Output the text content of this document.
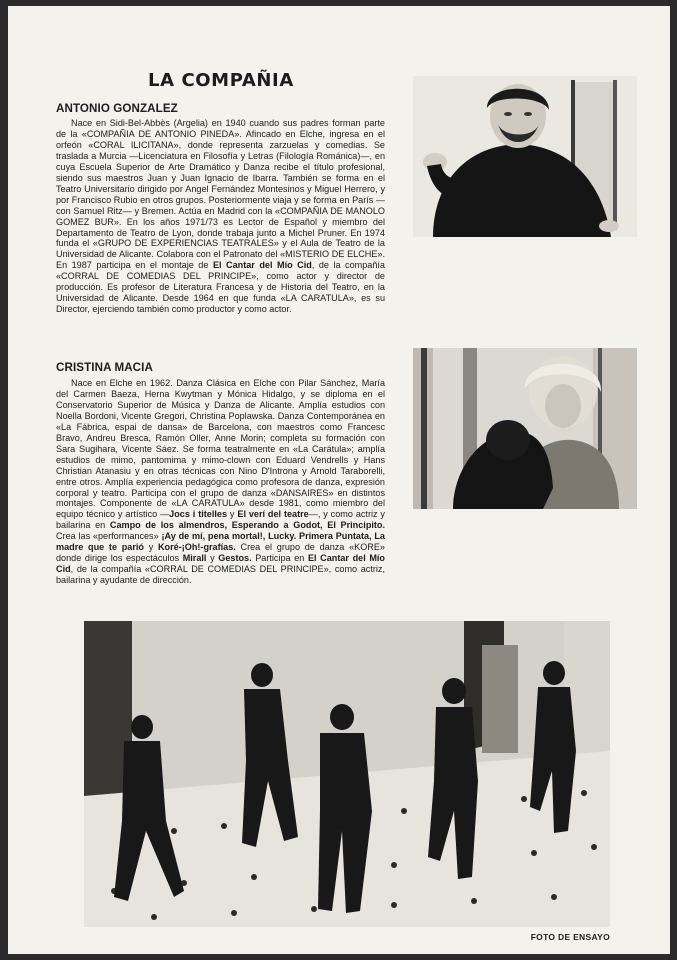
LA COMPAÑIA
ANTONIO GONZALEZ

Nace en Sidi-Bel-Abbès (Argelia) en 1940 cuando sus padres forman parte de la «COMPAÑIA DE ANTONIO PINEDA». Afincado en Elche, ingresa en el orfeón «CORAL ILICITANA», donde representa zarzuelas y comedias. Se traslada a Murcia —Licenciatura en Filosofía y Letras (Filología Románica)—, en cuya Escuela Superior de Arte Dramático y Danza recibe el título profesional, siendo sus maestros Juan y Juan Ignacio de Ibarra. También se forma en el Teatro Universitario dirigido por Angel Fernández Montesinos y Miguel Herrero, y por Francisco Rubio en otros grupos. Posteriormente viaja y se forma en París —con Samuel Ritz— y Bremen. Actúa en Madrid con la «COMPAÑIA DE MANOLO GOMEZ BUR». En los años 1971/73 es Lector de Español y miembro del Departamento de Teatro de Lyon, donde trabaja junto a Michel Pruner. En 1974 funda el «GRUPO DE EXPERIENCIAS TEATRALES» y el Aula de Teatro de la Universidad de Alicante. Colabora con el Patronato del «MISTERIO DE ELCHE». En 1987 participa en el montaje de El Cantar del Mío Cid, de la compañía «CORRAL DE COMEDIAS DEL PRINCIPE», como actor y director de producción. Es profesor de Literatura Francesa y de Historia del Teatro, en la Universidad de Alicante. Desde 1964 en que funda «LA CARATULA», es su Director, ejerciendo también como productor y como actor.

CRISTINA MACIA

Nace en Elche en 1962. Danza Clásica en Elche con Pilar Sánchez, María del Carmen Baeza, Herna Kwytman y Mónica Hidalgo, y se diploma en el Conservatorio Superior de Música y Danza de Alicante. Amplía estudios con Noella Bordoni, Vicente Gregori, Christina Poplawska. Danza Contemporánea en «La Fábrica, espai de dansa» de Barcelona, con maestros como Francesc Bravo, Andreu Bresca, Ramón Oller, Anne Morin; completa su formación con Sara Sugihara, Vicente Sáez. Se forma teatralmente en «La Carátula»; amplía estudios de mimo, pantomima y mimo-clown con Eduard Vendrells y Hans Christian Atanasiu y en otras técnicas con Nino D'Introna y Arnold Taraborelli, entre otros. Amplía experiencia pedagógica como profesora de danza, expresión corporal y teatro. Participa con el grupo de danza «DANSAIRES» en distintos montajes. Componente de «LA CARATULA» desde 1981, como miembro del equipo técnico y artístico —Jocs i titelles y El verí del teatre—, y como actriz y bailarina en Campo de los almendros, Esperando a Godot, El Principito. Crea las «performances» ¡Ay de mí, pena mortal!, Lucky. Primera Puntata, La madre que te parió y Koré-¡Oh!-grafías. Crea el grupo de danza «KORE» donde dirige los espectáculos Mirall y Gestos. Participa en El Cantar del Mío Cid, de la compañía «CORRAL DE COMEDIAS DEL PRINCIPE», como actriz, bailarina y ayudante de dirección.

FOTO DE ENSAYO
